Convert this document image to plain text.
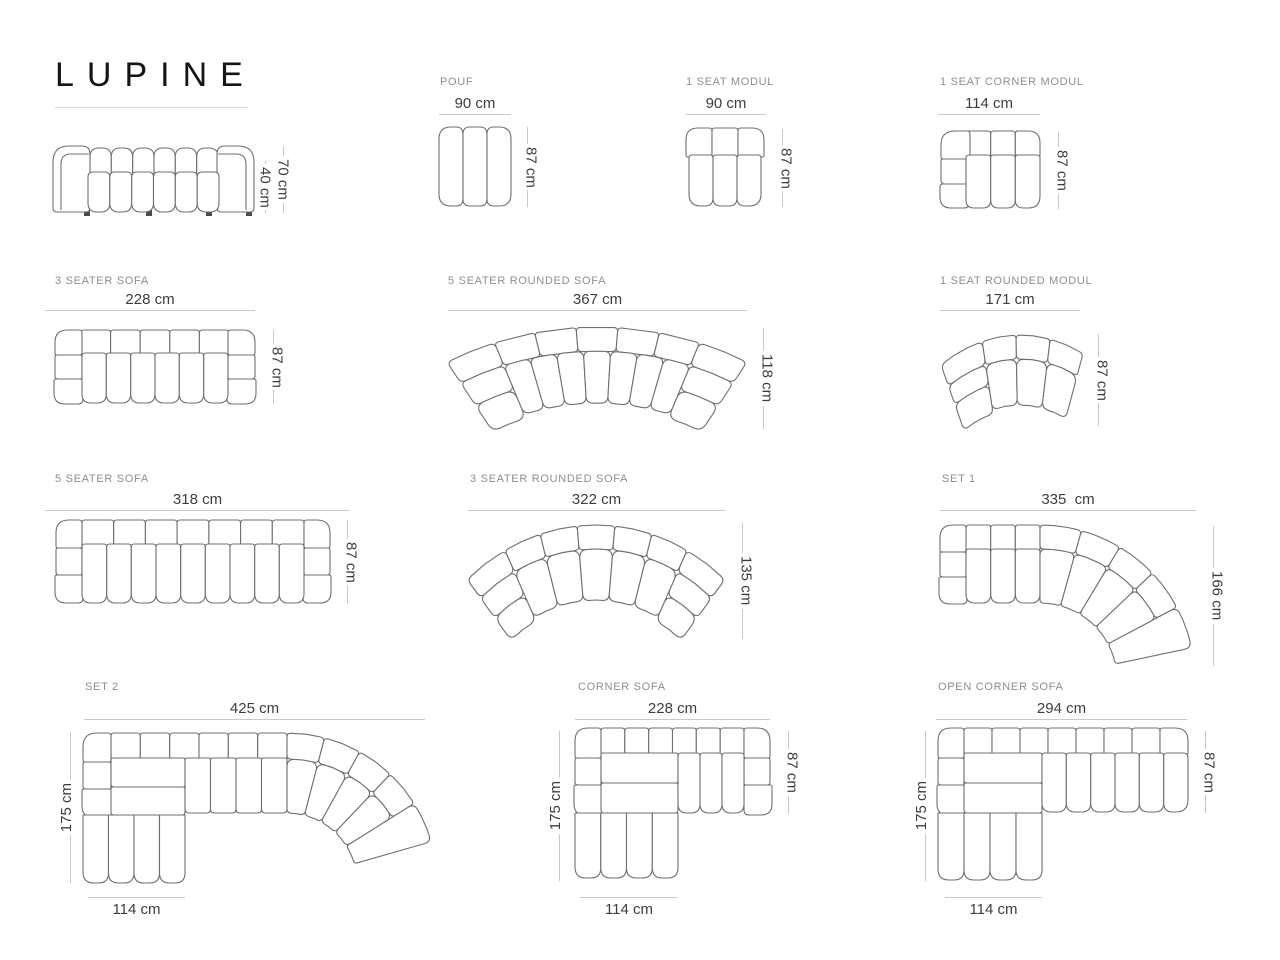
LUPINE	POUF	1 SEAT MODUL	1 SEAT CORNER MODUL
3 SEATER SOFA	5 SEATER ROUNDED SOFA	1 SEAT ROUNDED MODUL
5 SEATER SOFA	3 SEATER ROUNDED SOFA	SET 1
SET 2	CORNER SOFA	OPEN CORNER SOFA
90 cm	90 cm	114 cm
228 cm	367 cm	171 cm
318 cm	322 cm	335  cm
425 cm	228 cm	294 cm
114 cm	114 cm	114 cm
70 cm
40 cm	87 cm	87 cm	87 cm
87 cm	118 cm	87 cm
87 cm	135 cm	166 cm
87 cm	87 cm
175 cm	175 cm	175 cm
